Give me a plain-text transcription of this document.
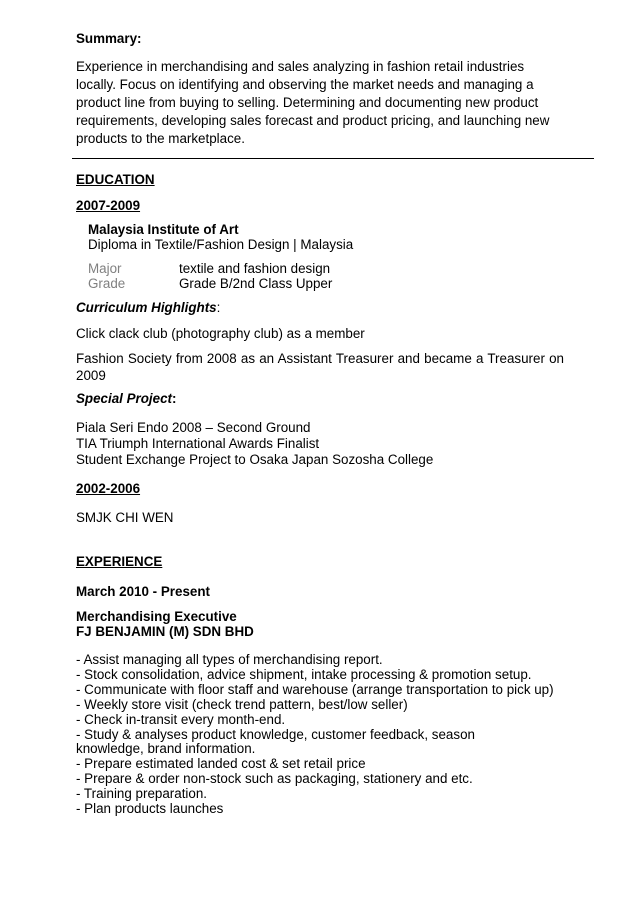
Summary:
Experience in merchandising and sales analyzing in fashion retail industries locally. Focus on identifying and observing the market needs and managing a product line from buying to selling. Determining and documenting new product requirements, developing sales forecast and product pricing, and launching new products to the marketplace.
EDUCATION
2007-2009
Malaysia Institute of Art
Diploma in Textile/Fashion Design | Malaysia
Major	textile and fashion design
Grade	Grade B/2nd Class Upper
Curriculum Highlights:
Click clack club (photography club) as a member
Fashion Society from 2008 as an Assistant Treasurer and became a Treasurer on 2009
Special Project:
Piala Seri Endo 2008 – Second Ground
TIA Triumph International Awards Finalist
Student Exchange Project to Osaka Japan Sozosha College
2002-2006
SMJK CHI WEN
EXPERIENCE
March 2010 - Present
Merchandising Executive
FJ BENJAMIN (M) SDN BHD
- Assist managing all types of merchandising report.
- Stock consolidation, advice shipment, intake processing & promotion setup.
- Communicate with floor staff and warehouse (arrange transportation to pick up)
- Weekly store visit (check trend pattern, best/low seller)
- Check in-transit every month-end.
- Study & analyses product knowledge, customer feedback, season knowledge, brand information.
- Prepare estimated landed cost & set retail price
- Prepare & order non-stock such as packaging, stationery and etc.
- Training preparation.
- Plan products launches
